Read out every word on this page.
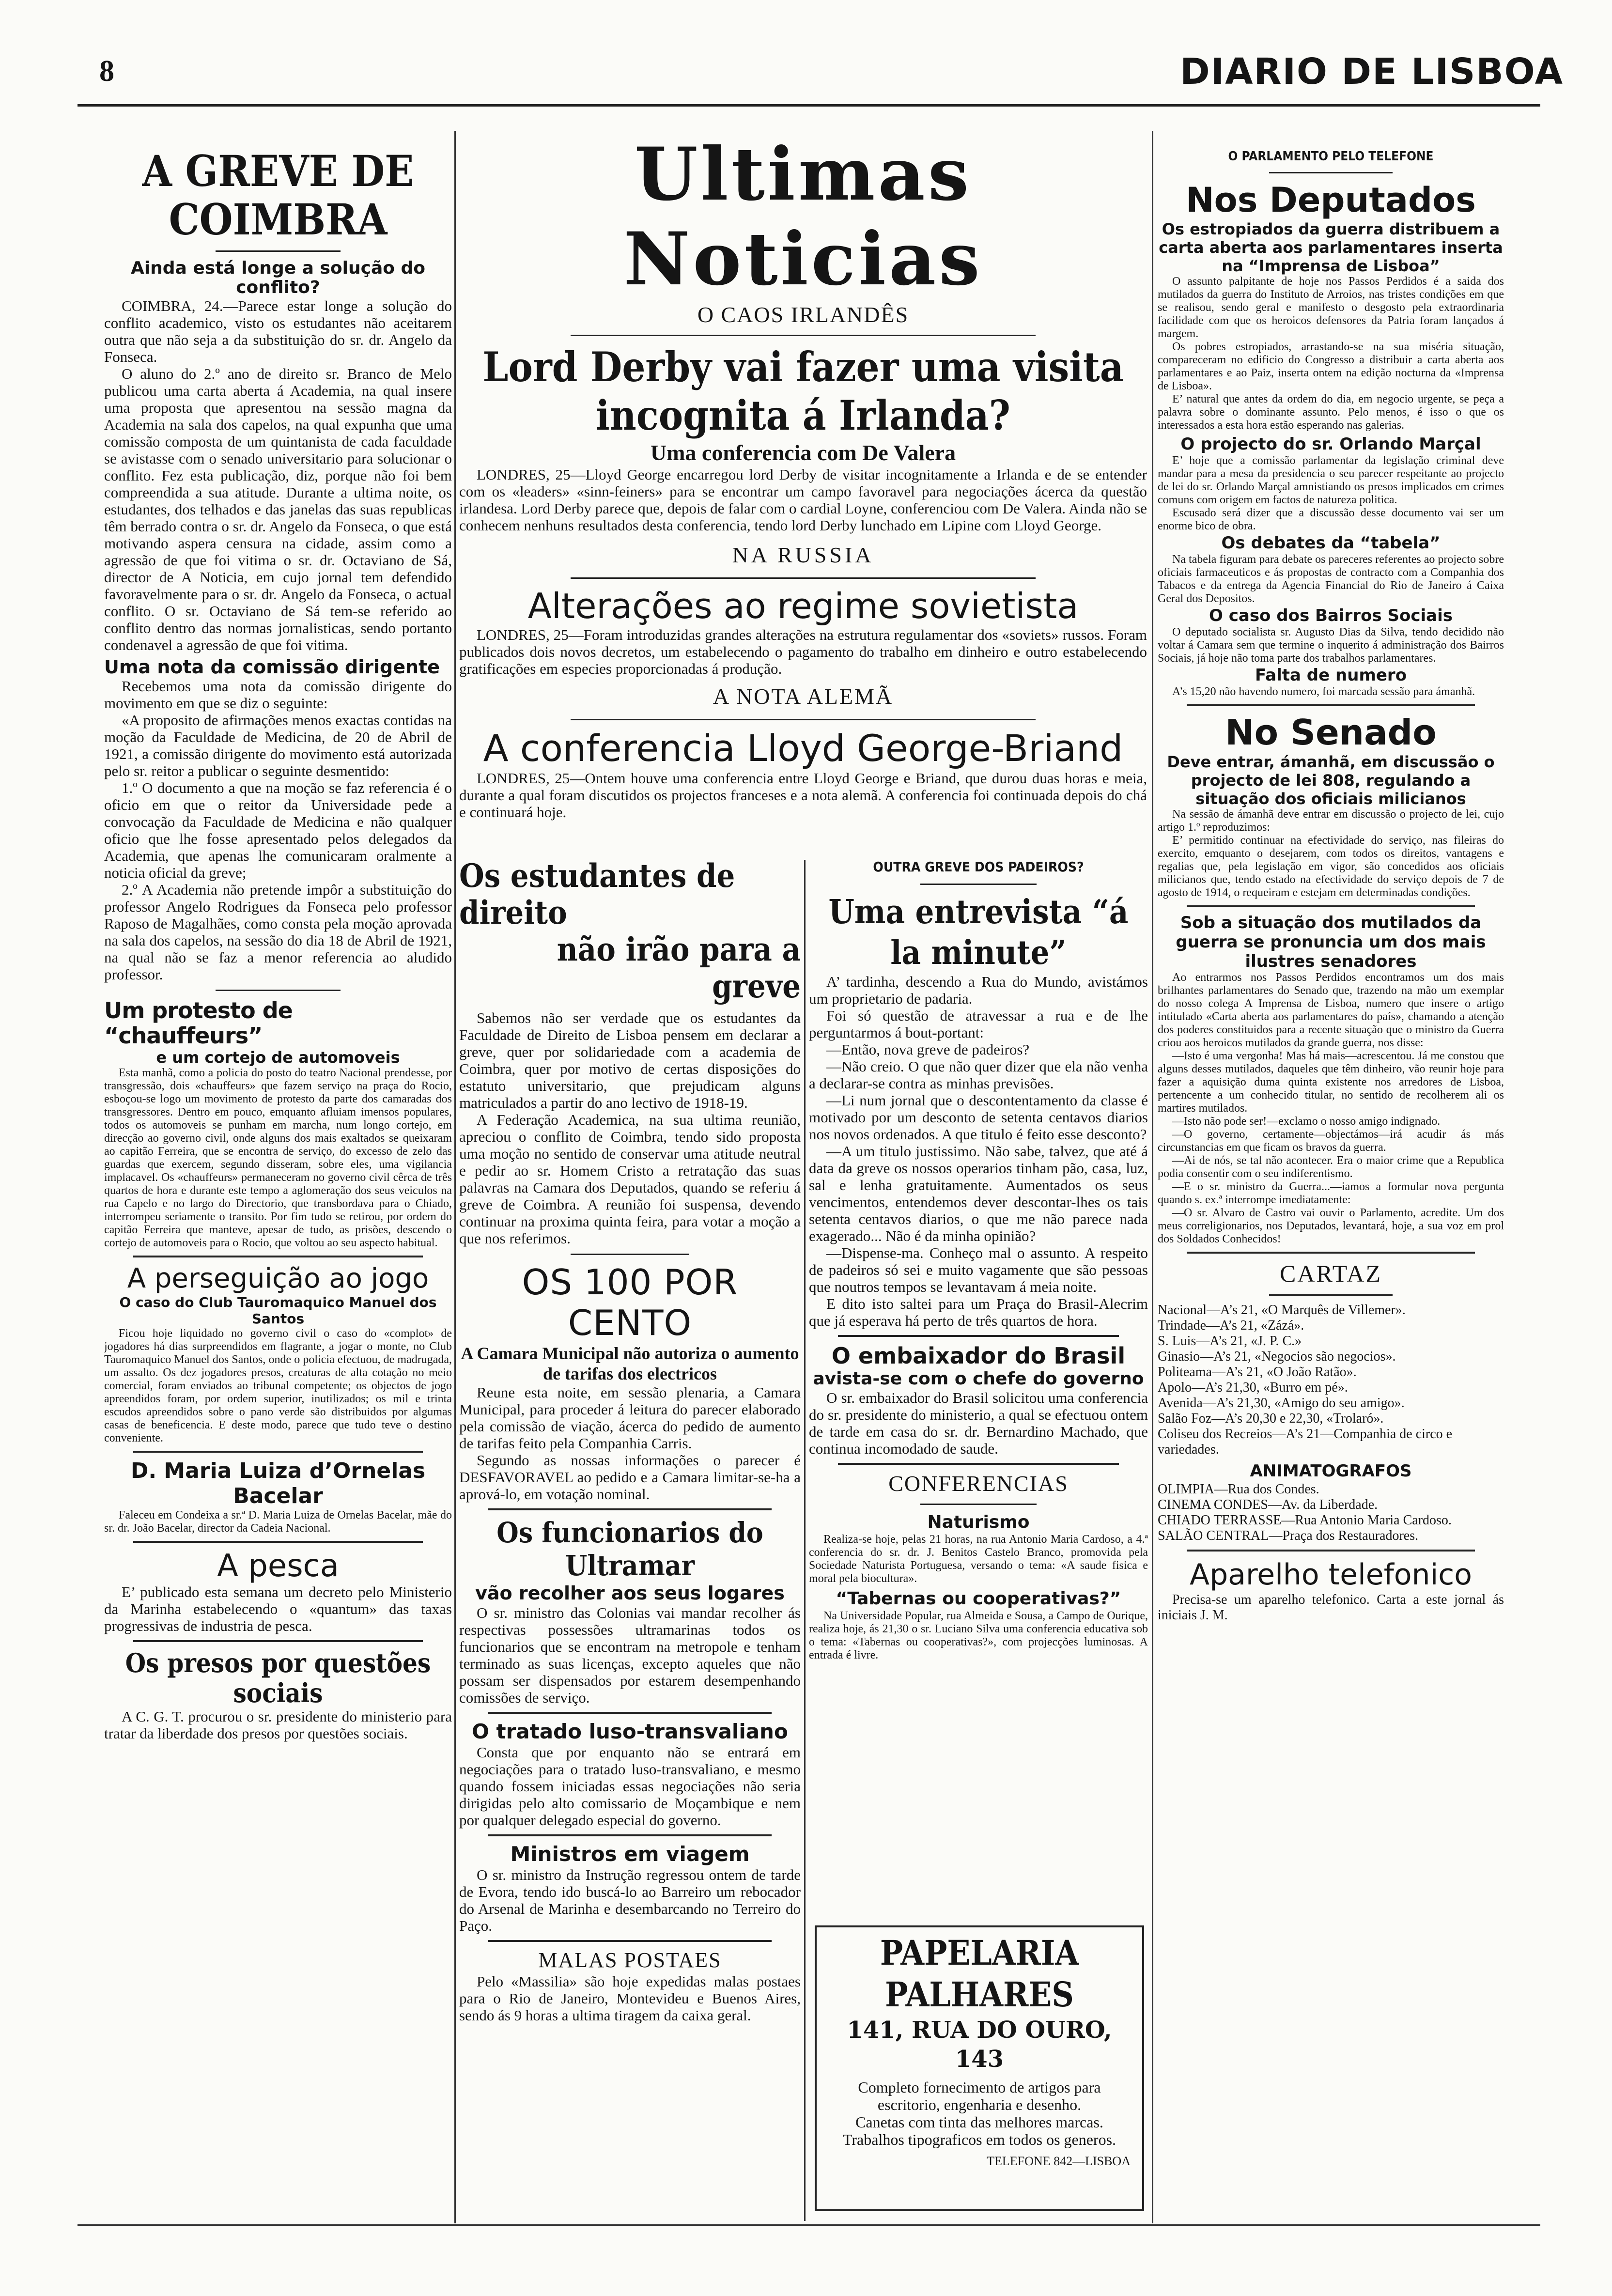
8	DIARIO DE LISBOA
A GREVE DE COIMBRA
Ainda está longe a solução do conflito?

COIMBRA, 24.—Parece estar longe a solução do conflito academico, visto os estudantes não aceitarem outra que não seja a da substituição do sr. dr. Angelo da Fonseca.

O aluno do 2.º ano de direito sr. Branco de Melo publicou uma carta aberta á Academia, na qual insere uma proposta que apresentou na sessão magna da Academia na sala dos capelos, na qual expunha que uma comissão composta de um quintanista de cada faculdade se avistasse com o senado universitario para solucionar o conflito. Fez esta publicação, diz, porque não foi bem compreendida a sua atitude. Durante a ultima noite, os estudantes, dos telhados e das janelas das suas republicas têm berrado contra o sr. dr. Angelo da Fonseca, o que está motivando aspera censura na cidade, assim como a agressão de que foi vitima o sr. dr. Octaviano de Sá, director de A Noticia, em cujo jornal tem defendido favoravelmente para o sr. dr. Angelo da Fonseca, o actual conflito. O sr. Octaviano de Sá tem-se referido ao conflito dentro das normas jornalisticas, sendo portanto condenavel a agressão de que foi vitima.

Uma nota da comissão dirigente

Recebemos uma nota da comissão dirigente do movimento em que se diz o seguinte:

«A proposito de afirmações menos exactas contidas na moção da Faculdade de Medicina, de 20 de Abril de 1921, a comissão dirigente do movimento está autorizada pelo sr. reitor a publicar o seguinte desmentido:

1.º O documento a que na moção se faz referencia é o oficio em que o reitor da Universidade pede a convocação da Faculdade de Medicina e não qualquer oficio que lhe fosse apresentado pelos delegados da Academia, que apenas lhe comunicaram oralmente a noticia oficial da greve;

2.º A Academia não pretende impôr a substituição do professor Angelo Rodrigues da Fonseca pelo professor Raposo de Magalhães, como consta pela moção aprovada na sala dos capelos, na sessão do dia 18 de Abril de 1921, na qual não se faz a menor referencia ao aludido professor.

Um protesto de “chauffeurs”
e um cortejo de automoveis

Esta manhã, como a policia do posto do teatro Nacional prendesse, por transgressão, dois «chauffeurs» que fazem serviço na praça do Rocio, esboçou-se logo um movimento de protesto da parte dos camaradas dos transgressores. Dentro em pouco, emquanto afluiam imensos populares, todos os automoveis se punham em marcha, num longo cortejo, em direcção ao governo civil, onde alguns dos mais exaltados se queixaram ao capitão Ferreira, que se encontra de serviço, do excesso de zelo das guardas que exercem, segundo disseram, sobre eles, uma vigilancia implacavel. Os «chauffeurs» permaneceram no governo civil cêrca de três quartos de hora e durante este tempo a aglomeração dos seus veiculos na rua Capelo e no largo do Directorio, que transbordava para o Chiado, interrompeu seriamente o transito. Por fim tudo se retirou, por ordem do capitão Ferreira que manteve, apesar de tudo, as prisões, descendo o cortejo de automoveis para o Rocio, que voltou ao seu aspecto habitual.

A perseguição ao jogo
O caso do Club Tauromaquico Manuel dos Santos

Ficou hoje liquidado no governo civil o caso do «complot» de jogadores há dias surpreendidos em flagrante, a jogar o monte, no Club Tauromaquico Manuel dos Santos, onde o policia efectuou, de madrugada, um assalto. Os dez jogadores presos, creaturas de alta cotação no meio comercial, foram enviados ao tribunal competente; os objectos de jogo apreendidos foram, por ordem superior, inutilizados; os mil e trinta escudos apreendidos sobre o pano verde são distribuidos por algumas casas de beneficencia. E deste modo, parece que tudo teve o destino conveniente.

D. Maria Luiza d’Ornelas Bacelar

Faleceu em Condeixa a sr.ª D. Maria Luiza de Ornelas Bacelar, mãe do sr. dr. João Bacelar, director da Cadeia Nacional.

A pesca

E’ publicado esta semana um decreto pelo Ministerio da Marinha estabelecendo o «quantum» das taxas progressivas de industria de pesca.

Os presos por questões sociais

A C. G. T. procurou o sr. presidente do ministerio para tratar da liberdade dos presos por questões sociais.

Ultimas Noticias
O CAOS IRLANDÊS
Lord Derby vai fazer uma visita incognita á Irlanda?
Uma conferencia com De Valera

LONDRES, 25—Lloyd George encarregou lord Derby de visitar incognitamente a Irlanda e de se entender com os «leaders» «sinn-feiners» para se encontrar um campo favoravel para negociações ácerca da questão irlandesa. Lord Derby parece que, depois de falar com o cardial Loyne, conferenciou com De Valera. Ainda não se conhecem nenhuns resultados desta conferencia, tendo lord Derby lunchado em Lipine com Lloyd George.

NA RUSSIA
Alterações ao regime sovietista

LONDRES, 25—Foram introduzidas grandes alterações na estrutura regulamentar dos «soviets» russos. Foram publicados dois novos decretos, um estabelecendo o pagamento do trabalho em dinheiro e outro estabelecendo gratificações em especies proporcionadas á produção.

A NOTA ALEMÃ
A conferencia Lloyd George-Briand

LONDRES, 25—Ontem houve uma conferencia entre Lloyd George e Briand, que durou duas horas e meia, durante a qual foram discutidos os projectos franceses e a nota alemã. A conferencia foi continuada depois do chá e continuará hoje.

Os estudantes de direito
não irão para a greve

Sabemos não ser verdade que os estudantes da Faculdade de Direito de Lisboa pensem em declarar a greve, quer por solidariedade com a academia de Coimbra, quer por motivo de certas disposições do estatuto universitario, que prejudicam alguns matriculados a partir do ano lectivo de 1918-19.

A Federação Academica, na sua ultima reunião, apreciou o conflito de Coimbra, tendo sido proposta uma moção no sentido de conservar uma atitude neutral e pedir ao sr. Homem Cristo a retratação das suas palavras na Camara dos Deputados, quando se referiu á greve de Coimbra. A reunião foi suspensa, devendo continuar na proxima quinta feira, para votar a moção a que nos referimos.

OS 100 POR CENTO
A Camara Municipal não autoriza o aumento de tarifas dos electricos

Reune esta noite, em sessão plenaria, a Camara Municipal, para proceder á leitura do parecer elaborado pela comissão de viação, ácerca do pedido de aumento de tarifas feito pela Companhia Carris.

Segundo as nossas informações o parecer é DESFAVORAVEL ao pedido e a Camara limitar-se-ha a aprová-lo, em votação nominal.

Os funcionarios do Ultramar
vão recolher aos seus logares

O sr. ministro das Colonias vai mandar recolher ás respectivas possessões ultramarinas todos os funcionarios que se encontram na metropole e tenham terminado as suas licenças, excepto aqueles que não possam ser dispensados por estarem desempenhando comissões de serviço.

O tratado luso-transvaliano

Consta que por enquanto não se entrará em negociações para o tratado luso-transvaliano, e mesmo quando fossem iniciadas essas negociações não seria dirigidas pelo alto comissario de Moçambique e nem por qualquer delegado especial do governo.

Ministros em viagem

O sr. ministro da Instrução regressou ontem de tarde de Evora, tendo ido buscá-lo ao Barreiro um rebocador do Arsenal de Marinha e desembarcando no Terreiro do Paço.

MALAS POSTAES

Pelo «Massilia» são hoje expedidas malas postaes para o Rio de Janeiro, Montevideu e Buenos Aires, sendo ás 9 horas a ultima tiragem da caixa geral.

OUTRA GREVE DOS PADEIROS?
Uma entrevista “á la minute”

A’ tardinha, descendo a Rua do Mundo, avistámos um proprietario de padaria.

Foi só questão de atravessar a rua e de lhe perguntarmos á bout-portant:

—Então, nova greve de padeiros?

—Não creio. O que não quer dizer que ela não venha a declarar-se contra as minhas previsões.

—Li num jornal que o descontentamento da classe é motivado por um desconto de setenta centavos diarios nos novos ordenados. A que titulo é feito esse desconto?

—A um titulo justissimo. Não sabe, talvez, que até á data da greve os nossos operarios tinham pão, casa, luz, sal e lenha gratuitamente. Aumentados os seus vencimentos, entendemos dever descontar-lhes os tais setenta centavos diarios, o que me não parece nada exagerado... Não é da minha opinião?

—Dispense-ma. Conheço mal o assunto. A respeito de padeiros só sei e muito vagamente que são pessoas que noutros tempos se levantavam á meia noite.

E dito isto saltei para um Praça do Brasil-Alecrim que já esperava há perto de três quartos de hora.

O embaixador do Brasil
avista-se com o chefe do governo

O sr. embaixador do Brasil solicitou uma conferencia do sr. presidente do ministerio, a qual se efectuou ontem de tarde em casa do sr. dr. Bernardino Machado, que continua incomodado de saude.

CONFERENCIAS
Naturismo

Realiza-se hoje, pelas 21 horas, na rua Antonio Maria Cardoso, a 4.ª conferencia do sr. dr. J. Benitos Castelo Branco, promovida pela Sociedade Naturista Portuguesa, versando o tema: «A saude fisica e moral pela biocultura».

“Tabernas ou cooperativas?”

Na Universidade Popular, rua Almeida e Sousa, a Campo de Ourique, realiza hoje, ás 21,30 o sr. Luciano Silva uma conferencia educativa sob o tema: «Tabernas ou cooperativas?», com projecções luminosas. A entrada é livre.

PAPELARIA PALHARES
141, RUA DO OURO, 143

Completo fornecimento de artigos para escritorio, engenharia e desenho.

Canetas com tinta das melhores marcas.

Trabalhos tipograficos em todos os generos.

TELEFONE 842—LISBOA
O PARLAMENTO PELO TELEFONE
Nos Deputados
Os estropiados da guerra distribuem a carta aberta aos parlamentares inserta na “Imprensa de Lisboa”

O assunto palpitante de hoje nos Passos Perdidos é a saida dos mutilados da guerra do Instituto de Arroios, nas tristes condições em que se realisou, sendo geral e manifesto o desgosto pela extraordinaria facilidade com que os heroicos defensores da Patria foram lançados á margem.

Os pobres estropiados, arrastando-se na sua miséria situação, compareceram no edificio do Congresso a distribuir a carta aberta aos parlamentares e ao Paiz, inserta ontem na edição nocturna da «Imprensa de Lisboa».

E’ natural que antes da ordem do dia, em negocio urgente, se peça a palavra sobre o dominante assunto. Pelo menos, é isso o que os interessados a esta hora estão esperando nas galerias.

O projecto do sr. Orlando Marçal

E’ hoje que a comissão parlamentar da legislação criminal deve mandar para a mesa da presidencia o seu parecer respeitante ao projecto de lei do sr. Orlando Marçal amnistiando os presos implicados em crimes comuns com origem em factos de natureza politica.

Escusado será dizer que a discussão desse documento vai ser um enorme bico de obra.

Os debates da “tabela”

Na tabela figuram para debate os pareceres referentes ao projecto sobre oficiais farmaceuticos e ás propostas de contracto com a Companhia dos Tabacos e da entrega da Agencia Financial do Rio de Janeiro á Caixa Geral dos Depositos.

O caso dos Bairros Sociais

O deputado socialista sr. Augusto Dias da Silva, tendo decidido não voltar á Camara sem que termine o inquerito á administração dos Bairros Sociais, já hoje não toma parte dos trabalhos parlamentares.

Falta de numero

A’s 15,20 não havendo numero, foi marcada sessão para ámanhã.

No Senado
Deve entrar, ámanhã, em discussão o projecto de lei 808, regulando a situação dos oficiais milicianos

Na sessão de ámanhã deve entrar em discussão o projecto de lei, cujo artigo 1.º reproduzimos:

E’ permitido continuar na efectividade do serviço, nas fileiras do exercito, emquanto o desejarem, com todos os direitos, vantagens e regalias que, pela legislação em vigor, são concedidos aos oficiais milicianos que, tendo estado na efectividade do serviço depois de 7 de agosto de 1914, o requeiram e estejam em determinadas condições.

Sob a situação dos mutilados da guerra se pronuncia um dos mais ilustres senadores

Ao entrarmos nos Passos Perdidos encontramos um dos mais brilhantes parlamentares do Senado que, trazendo na mão um exemplar do nosso colega A Imprensa de Lisboa, numero que insere o artigo intitulado «Carta aberta aos parlamentares do país», chamando a atenção dos poderes constituidos para a recente situação que o ministro da Guerra criou aos heroicos mutilados da grande guerra, nos disse:

—Isto é uma vergonha! Mas há mais—acrescentou. Já me constou que alguns desses mutilados, daqueles que têm dinheiro, vão reunir hoje para fazer a aquisição duma quinta existente nos arredores de Lisboa, pertencente a um conhecido titular, no sentido de recolherem ali os martires mutilados.

—Isto não pode ser!—exclamo o nosso amigo indignado.

—O governo, certamente—objectámos—irá acudir ás más circunstancias em que ficam os bravos da guerra.

—Ai de nós, se tal não acontecer. Era o maior crime que a Republica podia consentir com o seu indiferentismo.

—E o sr. ministro da Guerra...—iamos a formular nova pergunta quando s. ex.ª interrompe imediatamente:

—O sr. Alvaro de Castro vai ouvir o Parlamento, acredite. Um dos meus correligionarios, nos Deputados, levantará, hoje, a sua voz em prol dos Soldados Conhecidos!

CARTAZ
Nacional—A’s 21, «O Marquês de Villemer».
Trindade—A’s 21, «Zázá».
S. Luis—A’s 21, «J. P. C.»
Ginasio—A’s 21, «Negocios são negocios».
Politeama—A’s 21, «O João Ratão».
Apolo—A’s 21,30, «Burro em pé».
Avenida—A’s 21,30, «Amigo do seu amigo».
Salão Foz—A’s 20,30 e 22,30, «Trolaró».
Coliseu dos Recreios—A’s 21—Companhia de circo e variedades.
ANIMATOGRAFOS
OLIMPIA—Rua dos Condes.
CINEMA CONDES—Av. da Liberdade.
CHIADO TERRASSE—Rua Antonio Maria Cardoso.
SALÃO CENTRAL—Praça dos Restauradores.
Aparelho telefonico

Precisa-se um aparelho telefonico. Carta a este jornal ás iniciais J. M.
